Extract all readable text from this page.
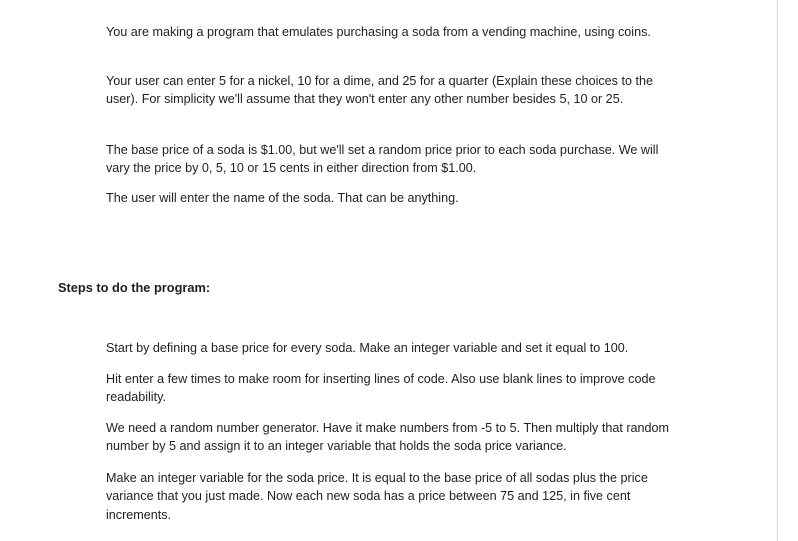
You are making a program that emulates purchasing a soda from a vending machine, using coins.

Your user can enter 5 for a nickel, 10 for a dime, and 25 for a quarter (Explain these choices to the user). For simplicity we'll assume that they won't enter any other number besides 5, 10 or 25.

The base price of a soda is $1.00, but we'll set a random price prior to each soda purchase. We will vary the price by 0, 5, 10 or 15 cents in either direction from $1.00.

The user will enter the name of the soda. That can be anything.

Steps to do the program:

Start by defining a base price for every soda. Make an integer variable and set it equal to 100.

Hit enter a few times to make room for inserting lines of code. Also use blank lines to improve code readability.

We need a random number generator. Have it make numbers from -5 to 5. Then multiply that random number by 5 and assign it to an integer variable that holds the soda price variance.

Make an integer variable for the soda price. It is equal to the base price of all sodas plus the price variance that you just made. Now each new soda has a price between 75 and 125, in five cent increments.
